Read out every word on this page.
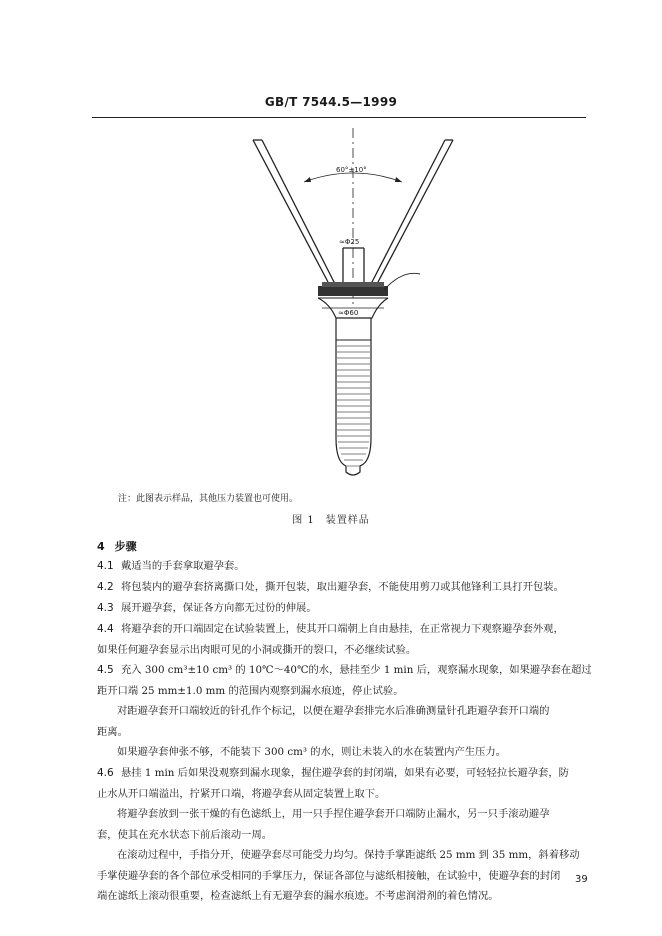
GB/T 7544.5—1999
60°±10°
≈Φ25
≈Φ60
注：此图表示样品，其他压力装置也可使用。
图 1　装置样品
4 步骤
4.1 戴适当的手套拿取避孕套。
4.2 将包装内的避孕套挤离撕口处，撕开包装，取出避孕套，不能使用剪刀或其他锋利工具打开包装。
4.3 展开避孕套，保证各方向都无过份的伸展。
4.4 将避孕套的开口端固定在试验装置上，使其开口端朝上自由悬挂，在正常视力下观察避孕套外观，
如果任何避孕套显示出肉眼可见的小洞或撕开的裂口，不必继续试验。
4.5 充入 300 cm³±10 cm³ 的 10℃～40℃的水，悬挂至少 1 min 后，观察漏水现象，如果避孕套在超过
距开口端 25 mm±1.0 mm 的范围内观察到漏水痕迹，停止试验。
对距避孕套开口端较近的针孔作个标记，以便在避孕套排完水后准确测量针孔距避孕套开口端的
距离。
如果避孕套伸张不够，不能装下 300 cm³ 的水，则让未装入的水在装置内产生压力。
4.6 悬挂 1 min 后如果没观察到漏水现象，握住避孕套的封闭端，如果有必要，可轻轻拉长避孕套，防
止水从开口端溢出，拧紧开口端，将避孕套从固定装置上取下。
将避孕套放到一张干燥的有色滤纸上，用一只手捏住避孕套开口端防止漏水，另一只手滚动避孕
套，使其在充水状态下前后滚动一周。
在滚动过程中，手指分开，使避孕套尽可能受力均匀。保持手掌距滤纸 25 mm 到 35 mm，斜着移动
手掌使避孕套的各个部位承受相同的手掌压力，保证各部位与滤纸相接触，在试验中，使避孕套的封闭
端在滤纸上滚动很重要，检查滤纸上有无避孕套的漏水痕迹。不考虑润滑剂的着色情况。
39
